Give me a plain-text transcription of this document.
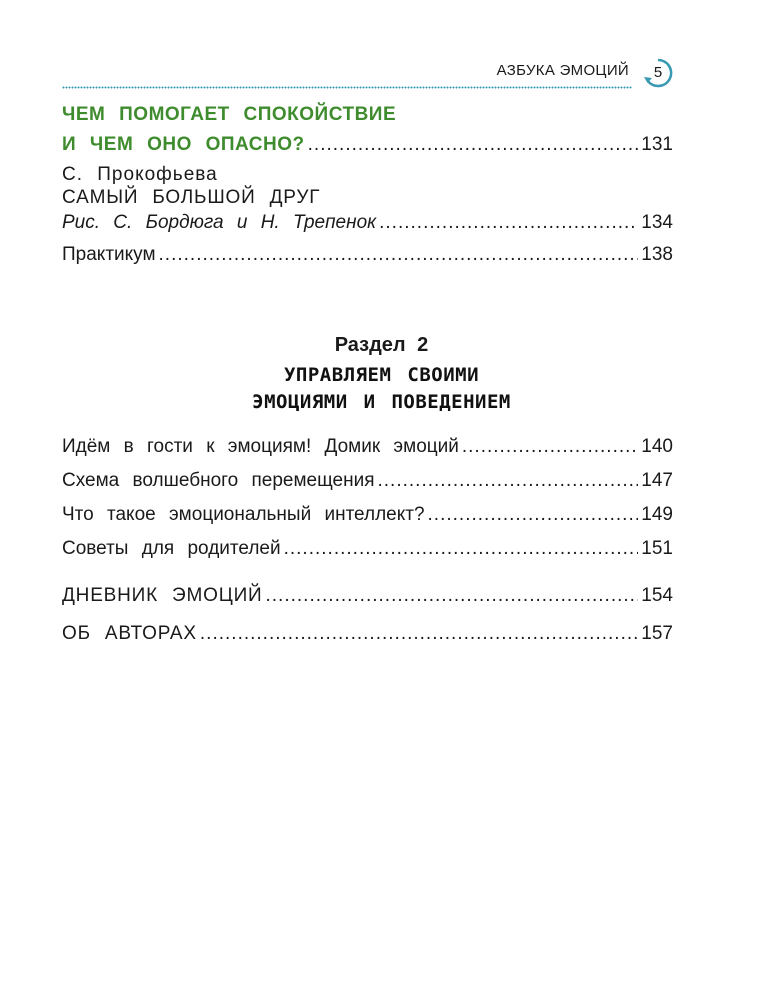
АЗБУКА ЭМОЦИЙ	5
ЧЕМ ПОМОГАЕТ СПОКОЙСТВИЕ
И ЧЕМ ОНО ОПАСНО? .....	131
С. Прокофьева
САМЫЙ БОЛЬШОЙ ДРУГ
Рис. С. Бордюга и Н. Трепенок .....	134
Практикум .....	138
Раздел 2
УПРАВЛЯЕМ СВОИМИ
ЭМОЦИЯМИ И ПОВЕДЕНИЕМ
Идём в гости к эмоциям! Домик эмоций .....	140
Схема волшебного перемещения .....	147
Что такое эмоциональный интеллект? .....	149
Советы для родителей .....	151
ДНЕВНИК ЭМОЦИЙ .....	154
ОБ АВТОРАХ .....	157
